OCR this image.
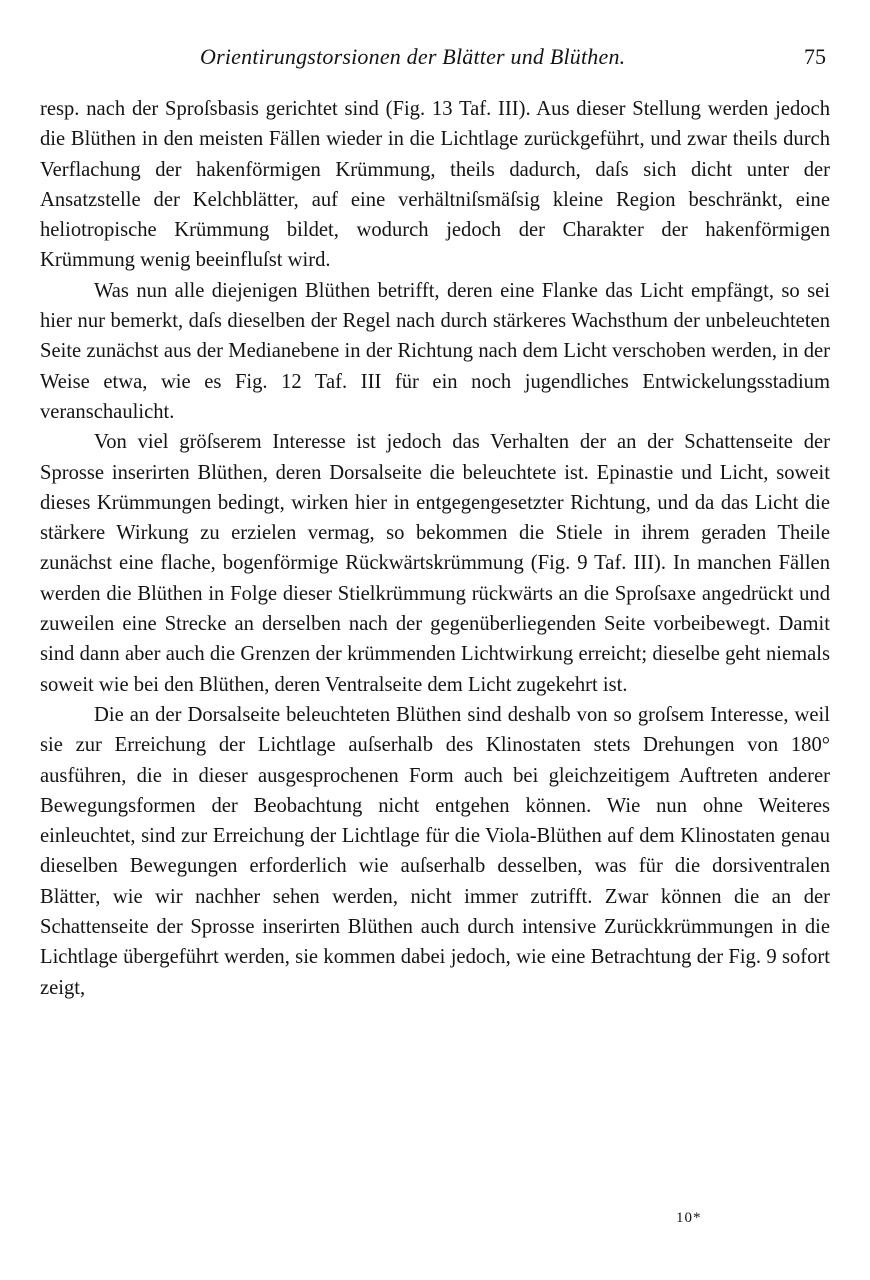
Orientirungstorsionen der Blätter und Blüthen.	75

resp. nach der Sproſsbasis gerichtet sind (Fig. 13 Taf. III). Aus dieser Stellung werden jedoch die Blüthen in den meisten Fällen wieder in die Lichtlage zurückgeführt, und zwar theils durch Verflachung der hakenförmigen Krümmung, theils dadurch, daſs sich dicht unter der Ansatzstelle der Kelchblätter, auf eine verhältniſsmäſsig kleine Region beschränkt, eine heliotropische Krümmung bildet, wodurch jedoch der Charakter der hakenförmigen Krümmung wenig beeinfluſst wird.

Was nun alle diejenigen Blüthen betrifft, deren eine Flanke das Licht empfängt, so sei hier nur bemerkt, daſs dieselben der Regel nach durch stärkeres Wachsthum der unbeleuchteten Seite zunächst aus der Medianebene in der Richtung nach dem Licht verschoben werden, in der Weise etwa, wie es Fig. 12 Taf. III für ein noch jugendliches Entwickelungsstadium veranschaulicht.

Von viel gröſserem Interesse ist jedoch das Verhalten der an der Schattenseite der Sprosse inserirten Blüthen, deren Dorsalseite die beleuchtete ist. Epinastie und Licht, soweit dieses Krümmungen bedingt, wirken hier in entgegengesetzter Richtung, und da das Licht die stärkere Wirkung zu erzielen vermag, so bekommen die Stiele in ihrem geraden Theile zunächst eine flache, bogenförmige Rückwärtskrümmung (Fig. 9 Taf. III). In manchen Fällen werden die Blüthen in Folge dieser Stielkrümmung rückwärts an die Sproſsaxe angedrückt und zuweilen eine Strecke an derselben nach der gegenüberliegenden Seite vorbeibewegt. Damit sind dann aber auch die Grenzen der krümmenden Lichtwirkung erreicht; dieselbe geht niemals soweit wie bei den Blüthen, deren Ventralseite dem Licht zugekehrt ist.

Die an der Dorsalseite beleuchteten Blüthen sind deshalb von so groſsem Interesse, weil sie zur Erreichung der Lichtlage auſserhalb des Klinostaten stets Drehungen von 180° ausführen, die in dieser ausgesprochenen Form auch bei gleichzeitigem Auftreten anderer Bewegungsformen der Beobachtung nicht entgehen können. Wie nun ohne Weiteres einleuchtet, sind zur Erreichung der Lichtlage für die Viola-Blüthen auf dem Klinostaten genau dieselben Bewegungen erforderlich wie auſserhalb desselben, was für die dorsiventralen Blätter, wie wir nachher sehen werden, nicht immer zutrifft. Zwar können die an der Schattenseite der Sprosse inserirten Blüthen auch durch intensive Zurückkrümmungen in die Lichtlage übergeführt werden, sie kommen dabei jedoch, wie eine Betrachtung der Fig. 9 sofort zeigt,

10*
